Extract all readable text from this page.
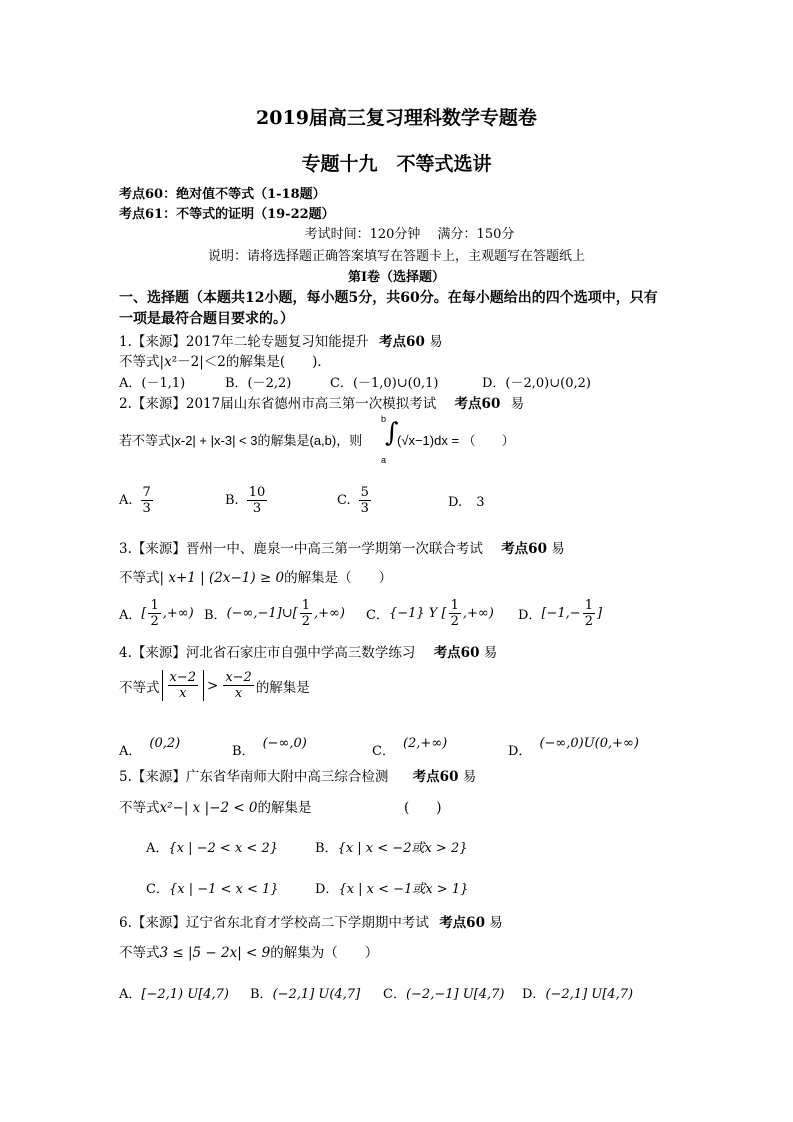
2019届高三复习理科数学专题卷
专题十九　不等式选讲
考点60：绝对值不等式（1-18题）
考点61：不等式的证明（19-22题）
考试时间：120分钟　 满分：150分
说明：请将选择题正确答案填写在答题卡上，主观题写在答题纸上
第I卷（选择题）
一、选择题（本题共12小题，每小题5分，共60分。在每小题给出的四个选项中，只有
一项是最符合题目要求的。）
1.【来源】2017年二轮专题复习知能提升 考点60 易
不等式|x²－2|＜2的解集是(　　)．
A．(－1,1)	B．(－2,2)	C．(－1,0)∪(0,1)	D．(－2,0)∪(0,2)
2.【来源】2017届山东省德州市高三第一次模拟考试 考点60 易
若不等式|x-2| + |x-3| < 3的解集是(a,b)，则
b
∫
a
(√x−1)dx = （　　）
A. $\frac{7}{3}$	B. $\frac{10}{3}$	C. $\frac{5}{3}$	D. 3
3.【来源】晋州一中、鹿泉一中高三第一学期第一次联合考试 考点60 易
不等式| x+1 | (2x−1) ≥ 0的解集是（　　）
A． [ $\frac{1}{2}$ ,+∞) B． (−∞,−1]∪[ $\frac{1}{2}$ ,+∞) C． {−1} Y [ $\frac{1}{2}$ ,+∞) D． [$-1,- \frac{1}{2}$ ]
4.【来源】河北省石家庄市自强中学高三数学练习 考点60 易
不等式 $\frac{x-2}{x} > \frac{x-2}{x}$ 的解集是
A．(0,2)
B．(−∞,0)
C．(2,+∞)
D．(−∞,0)U(0,+∞)
5.【来源】广东省华南师大附中高三综合检测 考点60 易
不等式x²−| x |−2 < 0的解集是	(　　)
A．{x | −2 < x < 2}	B．{x | x < −2或x > 2}
C．{x | −1 < x < 1}	D．{x | x < −1或x > 1}
6.【来源】辽宁省东北育才学校高二下学期期中考试 考点60 易
不等式3 ≤ |5 − 2x| < 9的解集为（　　）
A．[−2,1) U[4,7) B．(−2,1] U(4,7] C．(−2,−1] U[4,7) D．(−2,1] U[4,7)
